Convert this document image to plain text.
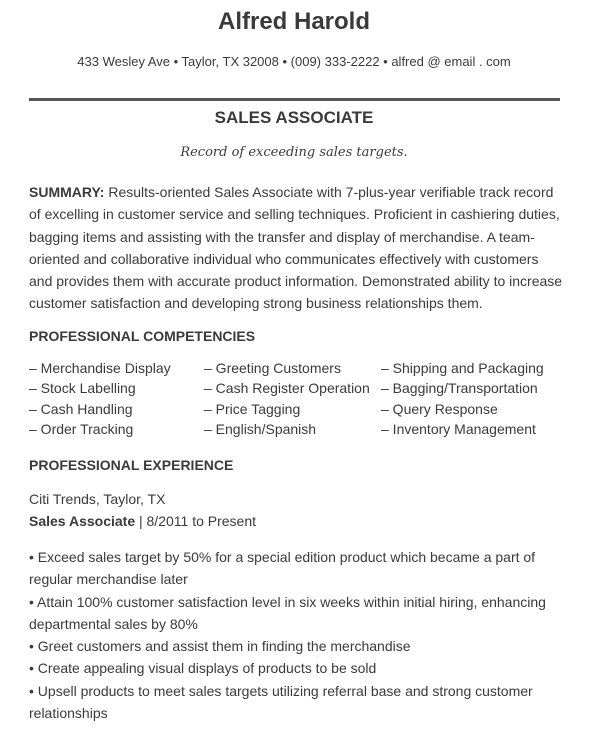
Alfred Harold
433 Wesley Ave • Taylor, TX 32008 • (009) 333-2222 • alfred @ email . com
SALES ASSOCIATE
Record of exceeding sales targets.
SUMMARY: Results-oriented Sales Associate with 7-plus-year verifiable track record of excelling in customer service and selling techniques. Proficient in cashiering duties, bagging items and assisting with the transfer and display of merchandise. A team-oriented and collaborative individual who communicates effectively with customers and provides them with accurate product information. Demonstrated ability to increase customer satisfaction and developing strong business relationships them.
PROFESSIONAL COMPETENCIES
– Merchandise Display
– Stock Labelling
– Cash Handling
– Order Tracking
– Greeting Customers
– Cash Register Operation
– Price Tagging
– English/Spanish
– Shipping and Packaging
– Bagging/Transportation
– Query Response
– Inventory Management
PROFESSIONAL EXPERIENCE
Citi Trends, Taylor, TX
Sales Associate | 8/2011 to Present
• Exceed sales target by 50% for a special edition product which became a part of regular merchandise later
• Attain 100% customer satisfaction level in six weeks within initial hiring, enhancing departmental sales by 80%
• Greet customers and assist them in finding the merchandise
• Create appealing visual displays of products to be sold
• Upsell products to meet sales targets utilizing referral base and strong customer relationships
